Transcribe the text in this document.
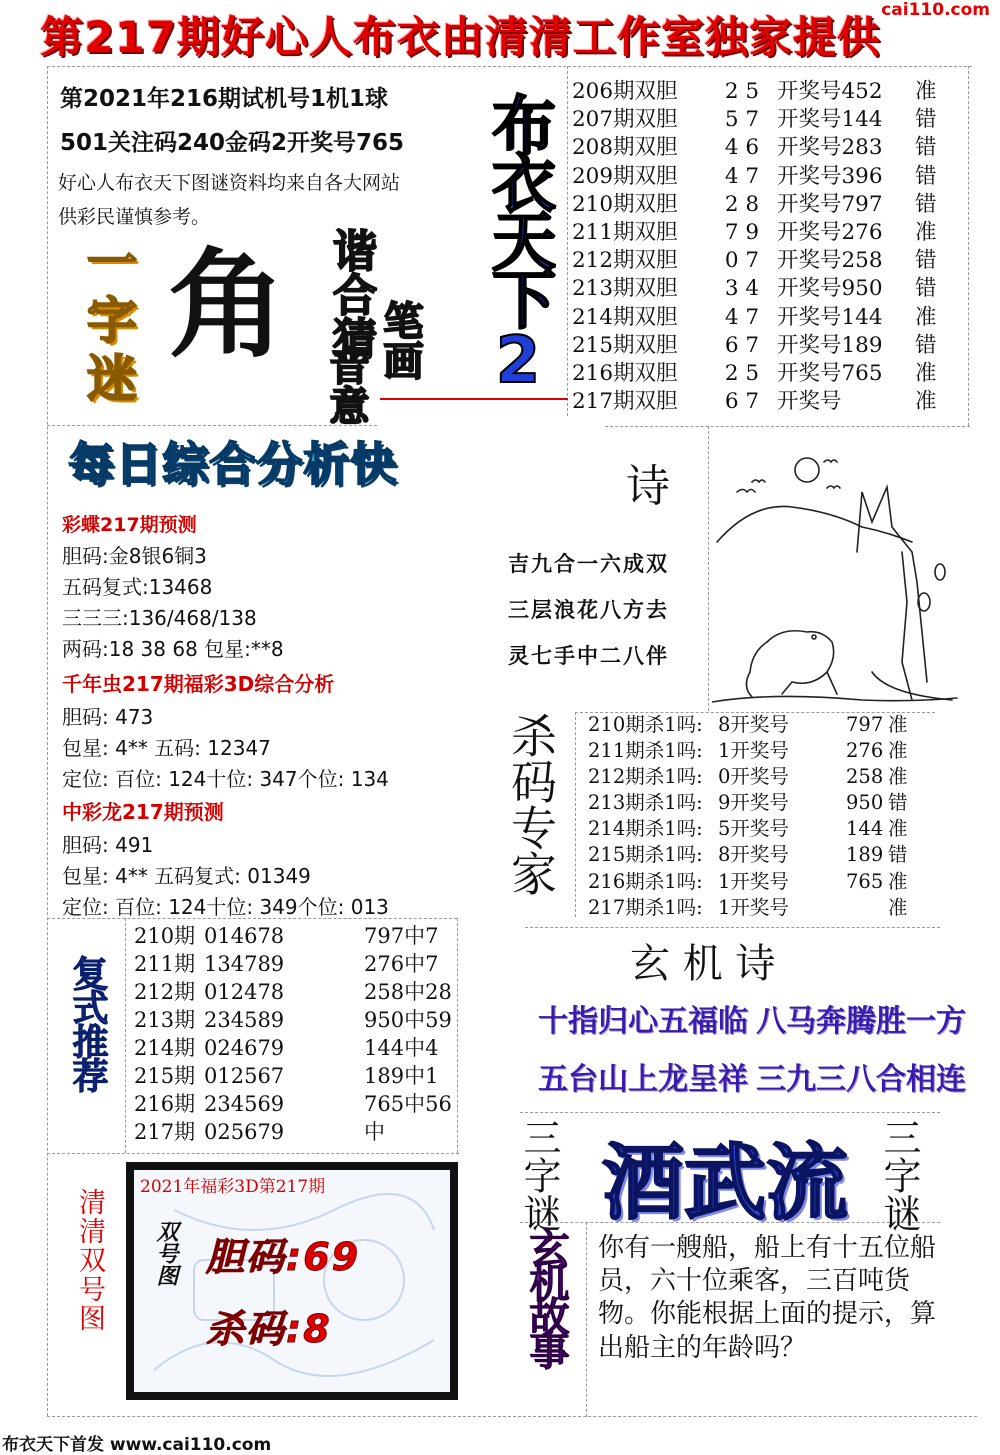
第217期好心人布衣由清清工作室独家提供
cai110.com
第2021年216期试机号1机1球
501关注码240金码2开奖号765
好心人布衣天下图谜资料均来自各大网站
供彩民谨慎参考。
一字迷 角 谐合猜 笔画
音意 布衣天下2
206期双胆 2 5 开奖号452 准
207期双胆 5 7 开奖号144 错
208期双胆 4 6 开奖号283 错
209期双胆 4 7 开奖号396 错
210期双胆 2 8 开奖号797 错
211期双胆 7 9 开奖号276 准
212期双胆 0 7 开奖号258 错
213期双胆 3 4 开奖号950 错
214期双胆 4 7 开奖号144 准
215期双胆 6 7 开奖号189 错
216期双胆 2 5 开奖号765 准
217期双胆 6 7 开奖号	准
每日综合分析快
彩蝶217期预测
胆码:金8银6铜3
五码复式:13468
三三三:136/468/138
两码:18 38 68 包星:**8
千年虫217期福彩3D综合分析
胆码: 473
包星: 4** 五码: 12347
定位: 百位: 124十位: 347个位: 134
中彩龙217期预测
胆码: 491
包星: 4** 五码复式: 01349
定位: 百位: 124十位: 349个位: 013
诗
吉九合一六成双
三层浪花八方去
灵七手中二八伴
杀码专家 210期杀1吗: 8开奖号	797 准
211期杀1吗: 1开奖号	276 准
212期杀1吗: 0开奖号	258 准
213期杀1吗: 9开奖号	950 错
214期杀1吗: 5开奖号	144 准
215期杀1吗: 8开奖号	189 错
216期杀1吗: 1开奖号	765 准
217期杀1吗: 1开奖号	准
复式推荐
210期 014678	797中7
211期 134789	276中7
212期 012478	258中28
213期 234589	950中59
214期 024679	144中4
215期 012567	189中1
216期 234569	765中56
217期 025679	中
玄 机 诗
十指归心五福临 八马奔腾胜一方
五台山上龙呈祥 三九三八合相连
三字谜 酒武流 三字谜
清清双号图
2021年福彩3D第217期
双号图 胆码:69
杀码:8	玄机故事 你有一艘船，船上有十五位船员，六十位乘客，三百吨货物。你能根据上面的提示，算出船主的年龄吗？
布衣天下首发 www.cai110.com
